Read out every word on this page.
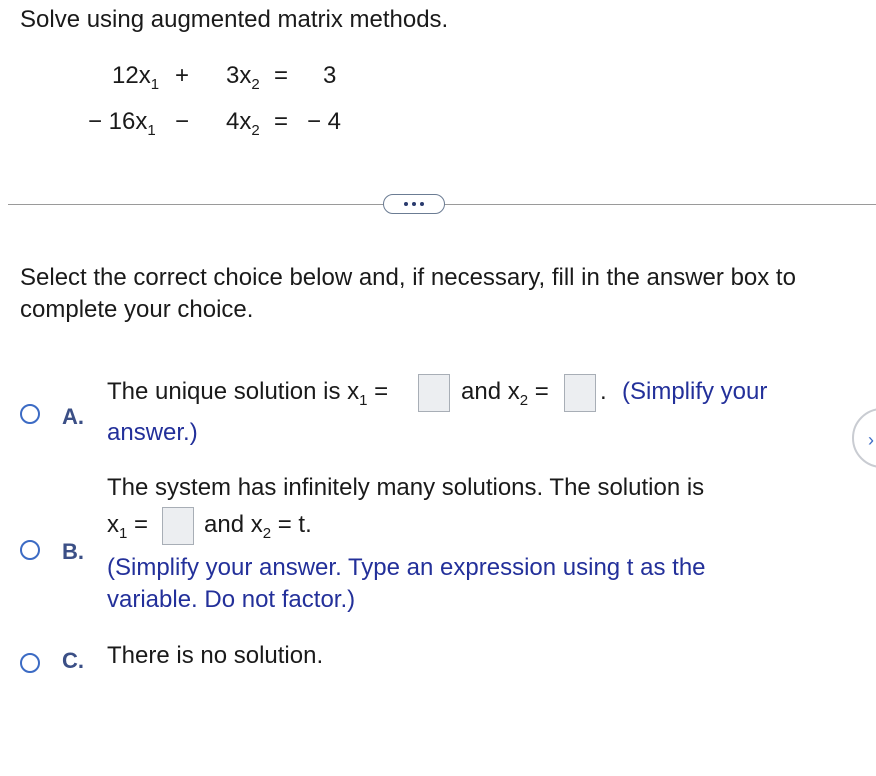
Solve using augmented matrix methods.
$12x_1 + 3x_2 = 3$
− $16x_1 - 4x_2$ = − 4
Select the correct choice below and, if necessary, fill in the answer box to complete your choice.
A.
The unique solution is $x_1$ =	and $x_2$ = . (Simplify your
answer.)
B.
The system has infinitely many solutions. The solution is
$x_1$ = and $x_2 = t$.
(Simplify your answer. Type an expression using t as the
variable. Do not factor.)
C. There is no solution.
›
